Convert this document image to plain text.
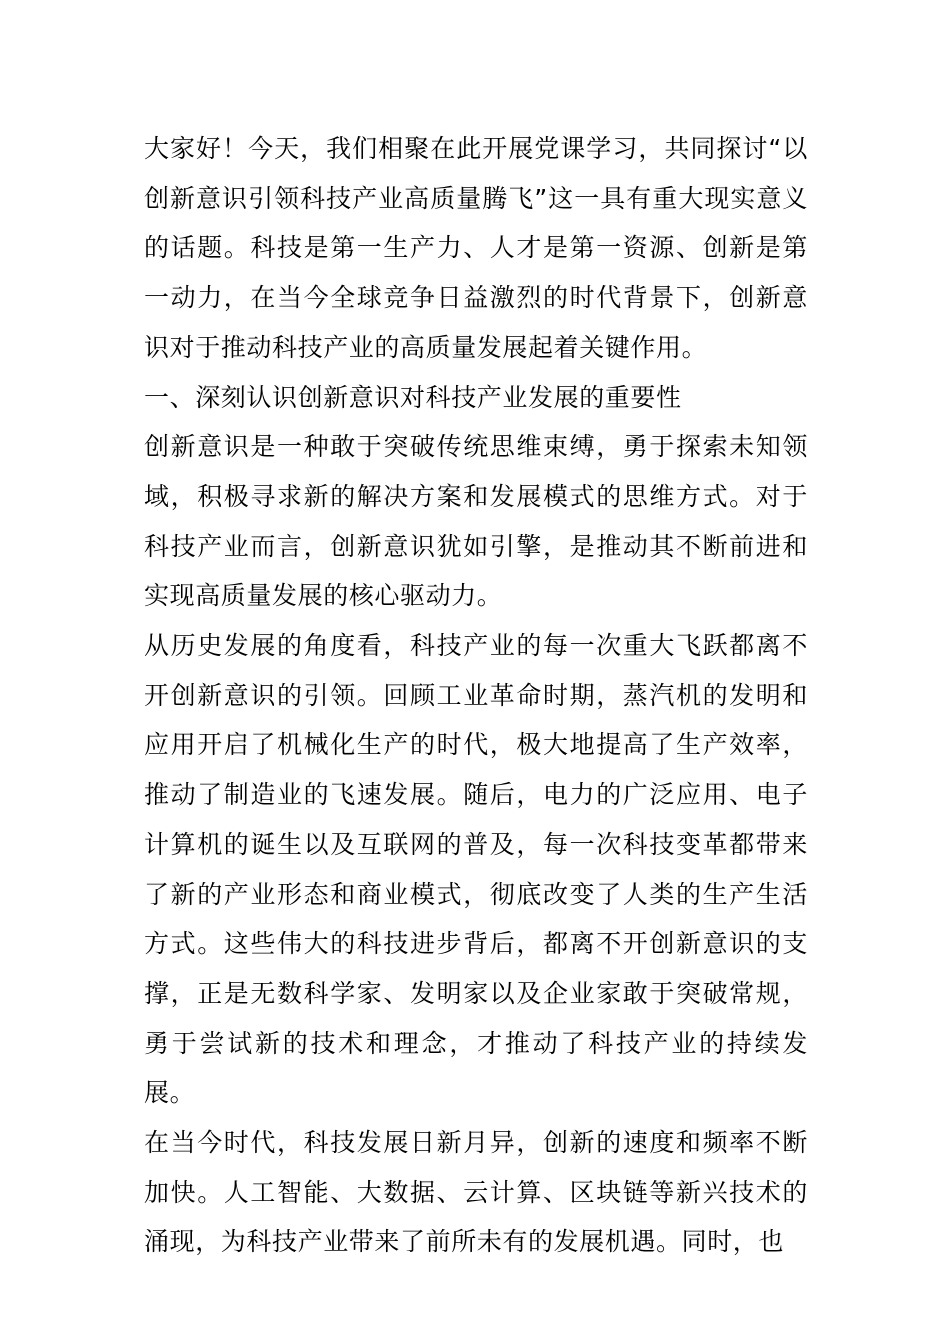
大家好！今天，我们相聚在此开展党课学习，共同探讨“以创新意识引领科技产业高质量腾飞”这一具有重大现实意义的话题。科技是第一生产力、人才是第一资源、创新是第一动力，在当今全球竞争日益激烈的时代背景下，创新意识对于推动科技产业的高质量发展起着关键作用。

一、深刻认识创新意识对科技产业发展的重要性

创新意识是一种敢于突破传统思维束缚，勇于探索未知领域，积极寻求新的解决方案和发展模式的思维方式。对于科技产业而言，创新意识犹如引擎，是推动其不断前进和实现高质量发展的核心驱动力。

从历史发展的角度看，科技产业的每一次重大飞跃都离不开创新意识的引领。回顾工业革命时期，蒸汽机的发明和应用开启了机械化生产的时代，极大地提高了生产效率，推动了制造业的飞速发展。随后，电力的广泛应用、电子计算机的诞生以及互联网的普及，每一次科技变革都带来了新的产业形态和商业模式，彻底改变了人类的生产生活方式。这些伟大的科技进步背后，都离不开创新意识的支撑，正是无数科学家、发明家以及企业家敢于突破常规，勇于尝试新的技术和理念，才推动了科技产业的持续发展。

在当今时代，科技发展日新月异，创新的速度和频率不断加快。人工智能、大数据、云计算、区块链等新兴技术的涌现，为科技产业带来了前所未有的发展机遇。同时，也
